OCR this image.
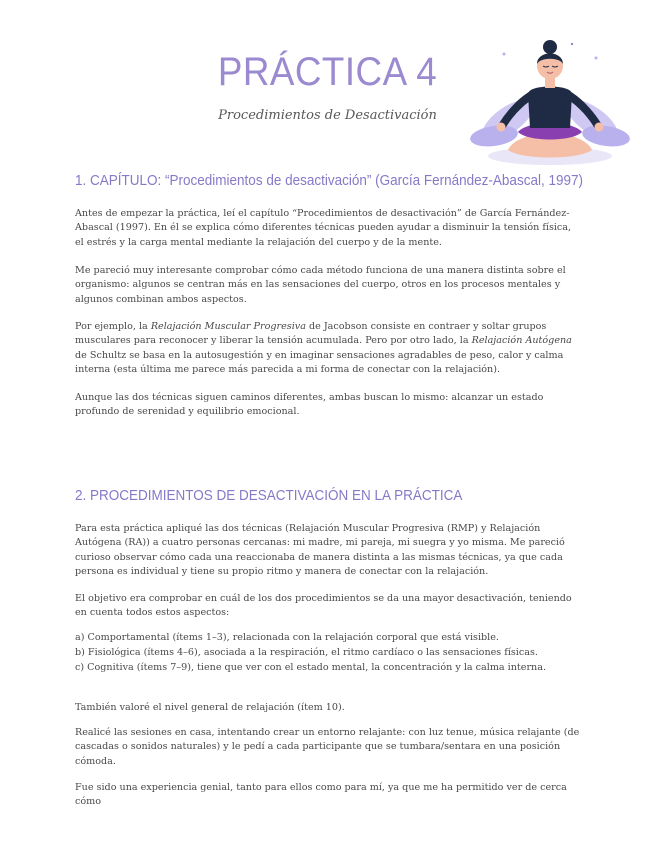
PRÁCTICA 4

Procedimientos de Desactivación

1. CAPÍTULO: “Procedimientos de desactivación” (García Fernández-Abascal, 1997)

Antes de empezar la práctica, leí el capítulo “Procedimientos de desactivación” de García Fernández-Abascal (1997). En él se explica cómo diferentes técnicas pueden ayudar a disminuir la tensión física, el estrés y la carga mental mediante la relajación del cuerpo y de la mente.

Me pareció muy interesante comprobar cómo cada método funciona de una manera distinta sobre el organismo: algunos se centran más en las sensaciones del cuerpo, otros en los procesos mentales y algunos combinan ambos aspectos.

Por ejemplo, la Relajación Muscular Progresiva de Jacobson consiste en contraer y soltar grupos musculares para reconocer y liberar la tensión acumulada. Pero por otro lado, la Relajación Autógena de Schultz se basa en la autosugestión y en imaginar sensaciones agradables de peso, calor y calma interna (esta última me parece más parecida a mi forma de conectar con la relajación).

Aunque las dos técnicas siguen caminos diferentes, ambas buscan lo mismo: alcanzar un estado profundo de serenidad y equilibrio emocional.

2. PROCEDIMIENTOS DE DESACTIVACIÓN EN LA PRÁCTICA

Para esta práctica apliqué las dos técnicas (Relajación Muscular Progresiva (RMP) y Relajación Autógena (RA)) a cuatro personas cercanas: mi madre, mi pareja, mi suegra y yo misma. Me pareció curioso observar cómo cada una reaccionaba de manera distinta a las mismas técnicas, ya que cada persona es individual y tiene su propio ritmo y manera de conectar con la relajación.

El objetivo era comprobar en cuál de los dos procedimientos se da una mayor desactivación, teniendo en cuenta todos estos aspectos:

a) Comportamental (ítems 1–3), relacionada con la relajación corporal que está visible.

b) Fisiológica (ítems 4–6), asociada a la respiración, el ritmo cardíaco o las sensaciones físicas.

c) Cognitiva (ítems 7–9), tiene que ver con el estado mental, la concentración y la calma interna.

También valoré el nivel general de relajación (ítem 10).

Realicé las sesiones en casa, intentando crear un entorno relajante: con luz tenue, música relajante (de cascadas o sonidos naturales) y le pedí a cada participante que se tumbara/sentara en una posición cómoda.

Fue sido una experiencia genial, tanto para ellos como para mí, ya que me ha permitido ver de cerca cómo
